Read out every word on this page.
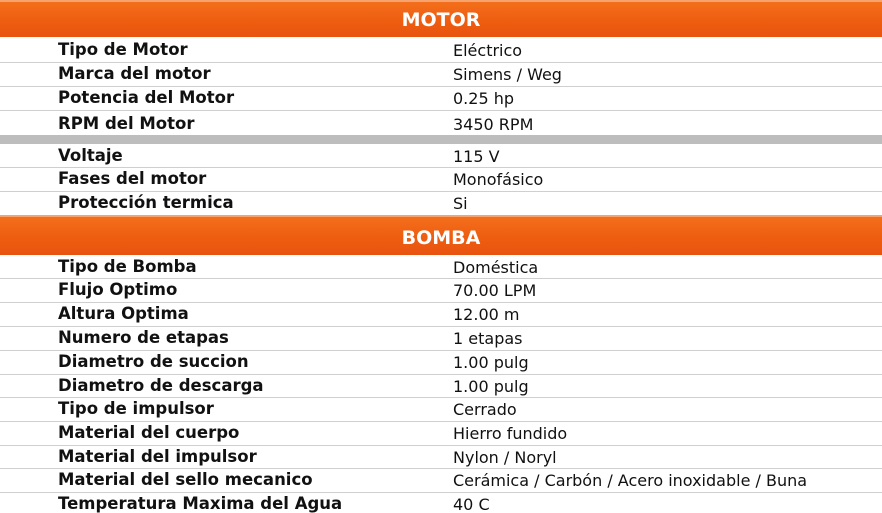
MOTOR
Tipo de Motor	Eléctrico
Marca del motor	Simens / Weg
Potencia del Motor	0.25 hp
RPM del Motor	3450 RPM
Voltaje	115 V
Fases del motor	Monofásico
Protección termica	Si
BOMBA
Tipo de Bomba	Doméstica
Flujo Optimo	70.00 LPM
Altura Optima	12.00 m
Numero de etapas	1 etapas
Diametro de succion	1.00 pulg
Diametro de descarga	1.00 pulg
Tipo de impulsor	Cerrado
Material del cuerpo	Hierro fundido
Material del impulsor	Nylon / Noryl
Material del sello mecanico	Cerámica / Carbón / Acero inoxidable / Buna
Temperatura Maxima del Agua	40 C
